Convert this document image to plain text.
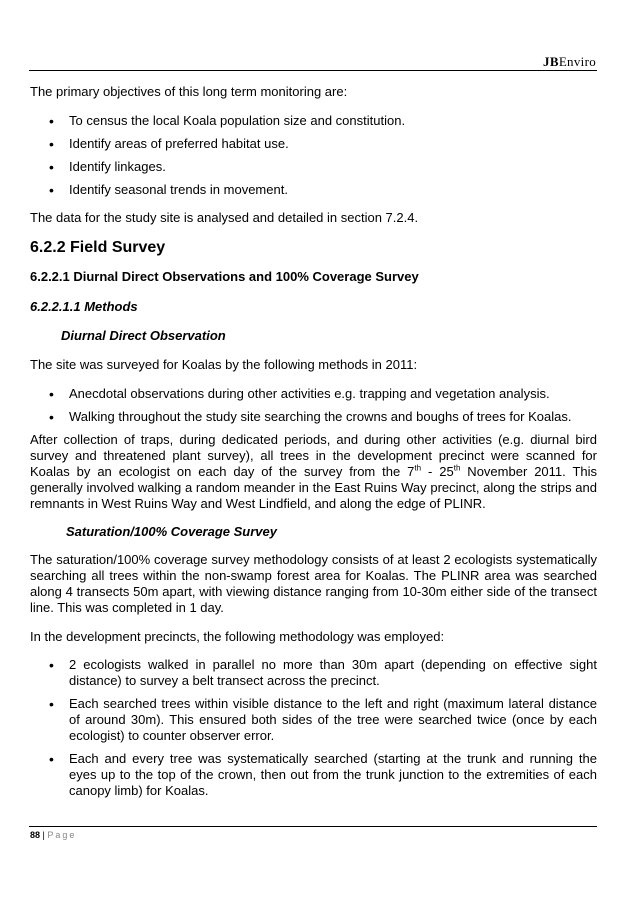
JBEnviro

The primary objectives of this long term monitoring are:

• To census the local Koala population size and constitution.
• Identify areas of preferred habitat use.
• Identify linkages.
• Identify seasonal trends in movement.

The data for the study site is analysed and detailed in section 7.2.4.

6.2.2 Field Survey
6.2.2.1 Diurnal Direct Observations and 100% Coverage Survey
6.2.2.1.1 Methods

Diurnal Direct Observation

The site was surveyed for Koalas by the following methods in 2011:

• Anecdotal observations during other activities e.g. trapping and vegetation analysis.
• Walking throughout the study site searching the crowns and boughs of trees for Koalas.

After collection of traps, during dedicated periods, and during other activities (e.g. diurnal bird survey and threatened plant survey), all trees in the development precinct were scanned for Koalas by an ecologist on each day of the survey from the 7th - 25th November 2011. This generally involved walking a random meander in the East Ruins Way precinct, along the strips and remnants in West Ruins Way and West Lindfield, and along the edge of PLINR.

Saturation/100% Coverage Survey

The saturation/100% coverage survey methodology consists of at least 2 ecologists systematically searching all trees within the non-swamp forest area for Koalas. The PLINR area was searched along 4 transects 50m apart, with viewing distance ranging from 10-30m either side of the transect line. This was completed in 1 day.

In the development precincts, the following methodology was employed:

• 2 ecologists walked in parallel no more than 30m apart (depending on effective sight distance) to survey a belt transect across the precinct.
• Each searched trees within visible distance to the left and right (maximum lateral distance of around 30m). This ensured both sides of the tree were searched twice (once by each ecologist) to counter observer error.
• Each and every tree was systematically searched (starting at the trunk and running the eyes up to the top of the crown, then out from the trunk junction to the extremities of each canopy limb) for Koalas.
88 | Page
